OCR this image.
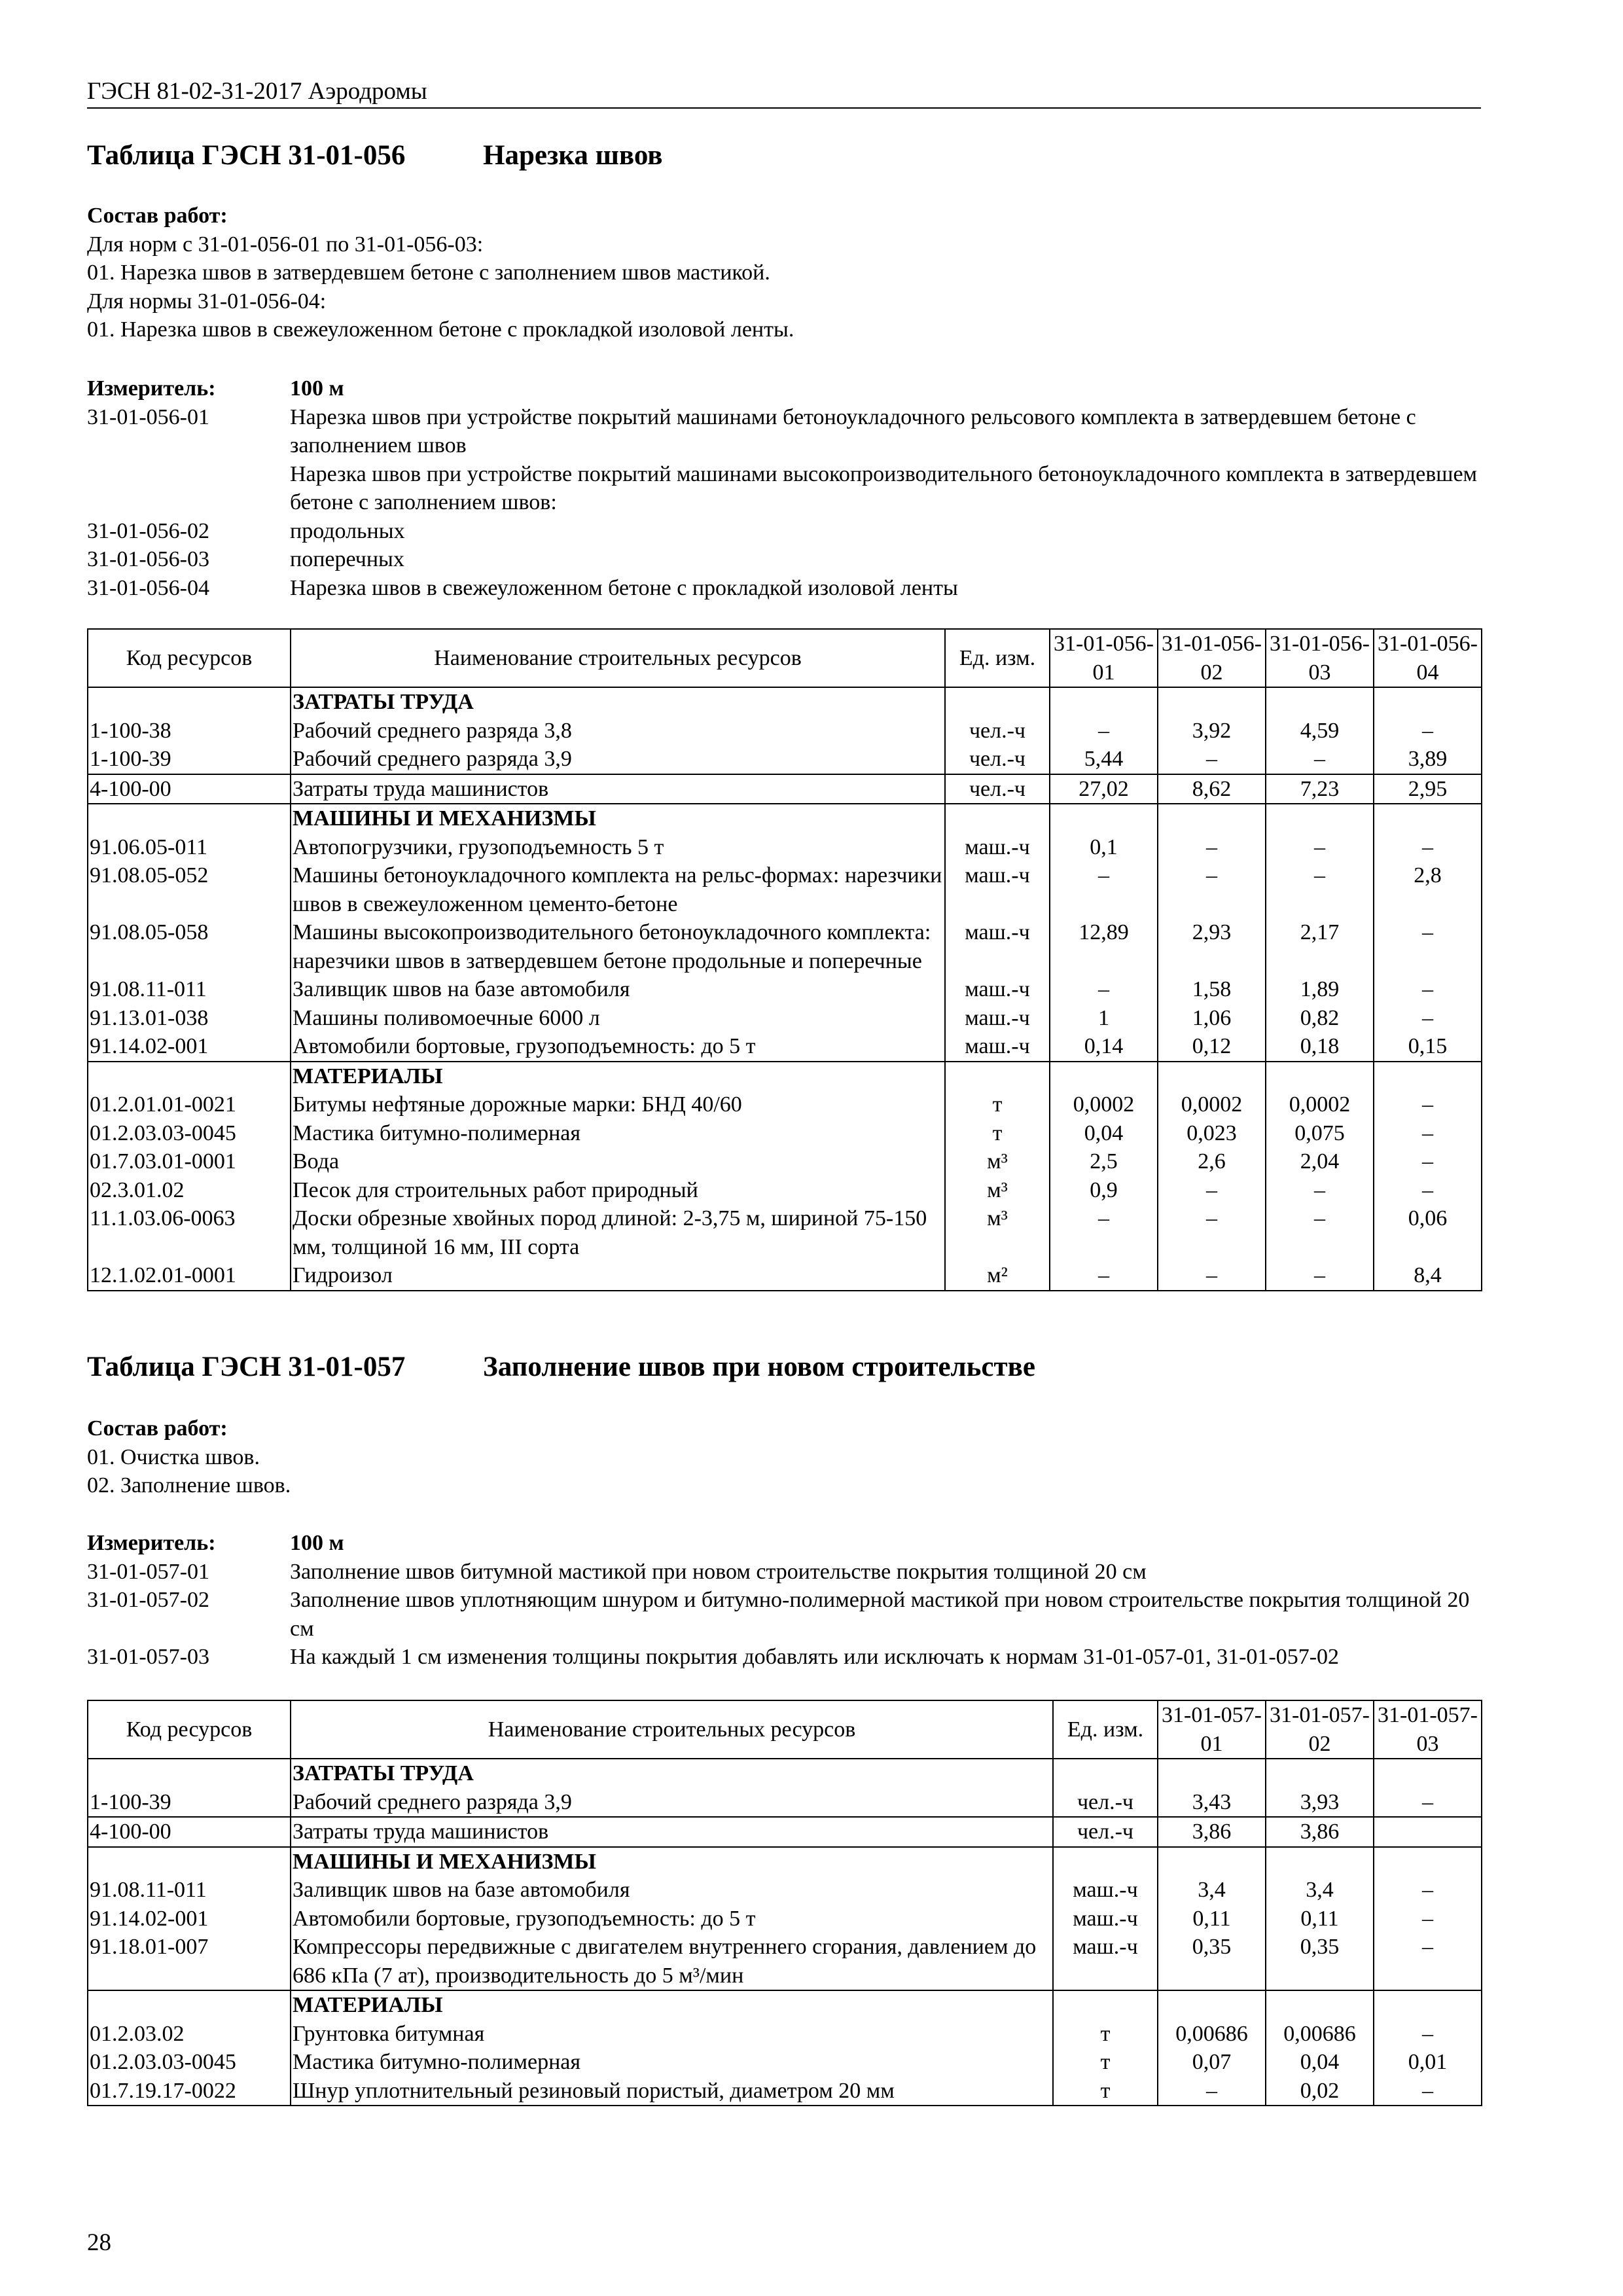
ГЭСН 81-02-31-2017 Аэродромы
Таблица ГЭСН 31-01-056	Нарезка швов
Состав работ:
Для норм с 31-01-056-01 по 31-01-056-03:
01. Нарезка швов в затвердевшем бетоне с заполнением швов мастикой.
Для нормы 31-01-056-04:
01. Нарезка швов в свежеуложенном бетоне с прокладкой изоловой ленты.
Измеритель:	100 м
31-01-056-01	Нарезка швов при устройстве покрытий машинами бетоноукладочного рельсового комплекта в затвердевшем бетоне с заполнением швов
Нарезка швов при устройстве покрытий машинами высокопроизводительного бетоноукладочного комплекта в затвердевшем бетоне с заполнением швов:
31-01-056-02	продольных
31-01-056-03	поперечных
31-01-056-04	Нарезка швов в свежеуложенном бетоне с прокладкой изоловой ленты
Код ресурсов	Наименование строительных ресурсов	Ед. изм.	31-01-056-01	31-01-056-02	31-01-056-03	31-01-056-04
	ЗАТРАТЫ ТРУДА					
1-100-38	Рабочий среднего разряда 3,8	чел.-ч	–	3,92	4,59	–
1-100-39	Рабочий среднего разряда 3,9	чел.-ч	5,44	–	–	3,89
4-100-00	Затраты труда машинистов	чел.-ч	27,02	8,62	7,23	2,95
	МАШИНЫ И МЕХАНИЗМЫ					
91.06.05-011	Автопогрузчики, грузоподъемность 5 т	маш.-ч	0,1	–	–	–
91.08.05-052	Машины бетоноукладочного комплекта на рельс-формах: нарезчики швов в свежеуложенном цементо-бетоне	маш.-ч	–	–	–	2,8
91.08.05-058	Машины высокопроизводительного бетоноукладочного комплекта: нарезчики швов в затвердевшем бетоне продольные и поперечные	маш.-ч	12,89	2,93	2,17	–
91.08.11-011	Заливщик швов на базе автомобиля	маш.-ч	–	1,58	1,89	–
91.13.01-038	Машины поливомоечные 6000 л	маш.-ч	1	1,06	0,82	–
91.14.02-001	Автомобили бортовые, грузоподъемность: до 5 т	маш.-ч	0,14	0,12	0,18	0,15
	МАТЕРИАЛЫ					
01.2.01.01-0021	Битумы нефтяные дорожные марки: БНД 40/60	т	0,0002	0,0002	0,0002	–
01.2.03.03-0045	Мастика битумно-полимерная	т	0,04	0,023	0,075	–
01.7.03.01-0001	Вода	м³	2,5	2,6	2,04	–
02.3.01.02	Песок для строительных работ природный	м³	0,9	–	–	–
11.1.03.06-0063	Доски обрезные хвойных пород длиной: 2-3,75 м, шириной 75-150 мм, толщиной 16 мм, III сорта	м³	–	–	–	0,06
12.1.02.01-0001	Гидроизол	м²	–	–	–	8,4
Таблица ГЭСН 31-01-057	Заполнение швов при новом строительстве
Состав работ:
01. Очистка швов.
02. Заполнение швов.
Измеритель:	100 м
31-01-057-01	Заполнение швов битумной мастикой при новом строительстве покрытия толщиной 20 см
31-01-057-02	Заполнение швов уплотняющим шнуром и битумно-полимерной мастикой при новом строительстве покрытия толщиной 20 см
31-01-057-03	На каждый 1 см изменения толщины покрытия добавлять или исключать к нормам 31-01-057-01, 31-01-057-02
Код ресурсов	Наименование строительных ресурсов	Ед. изм.	31-01-057-01	31-01-057-02	31-01-057-03
	ЗАТРАТЫ ТРУДА				
1-100-39	Рабочий среднего разряда 3,9	чел.-ч	3,43	3,93	–
4-100-00	Затраты труда машинистов	чел.-ч	3,86	3,86	
	МАШИНЫ И МЕХАНИЗМЫ				
91.08.11-011	Заливщик швов на базе автомобиля	маш.-ч	3,4	3,4	–
91.14.02-001	Автомобили бортовые, грузоподъемность: до 5 т	маш.-ч	0,11	0,11	–
91.18.01-007	Компрессоры передвижные с двигателем внутреннего сгорания, давлением до 686 кПа (7 ат), производительность до 5 м³/мин	маш.-ч	0,35	0,35	–
	МАТЕРИАЛЫ				
01.2.03.02	Грунтовка битумная	т	0,00686	0,00686	–
01.2.03.03-0045	Мастика битумно-полимерная	т	0,07	0,04	0,01
01.7.19.17-0022	Шнур уплотнительный резиновый пористый, диаметром 20 мм	т	–	0,02	–
28
